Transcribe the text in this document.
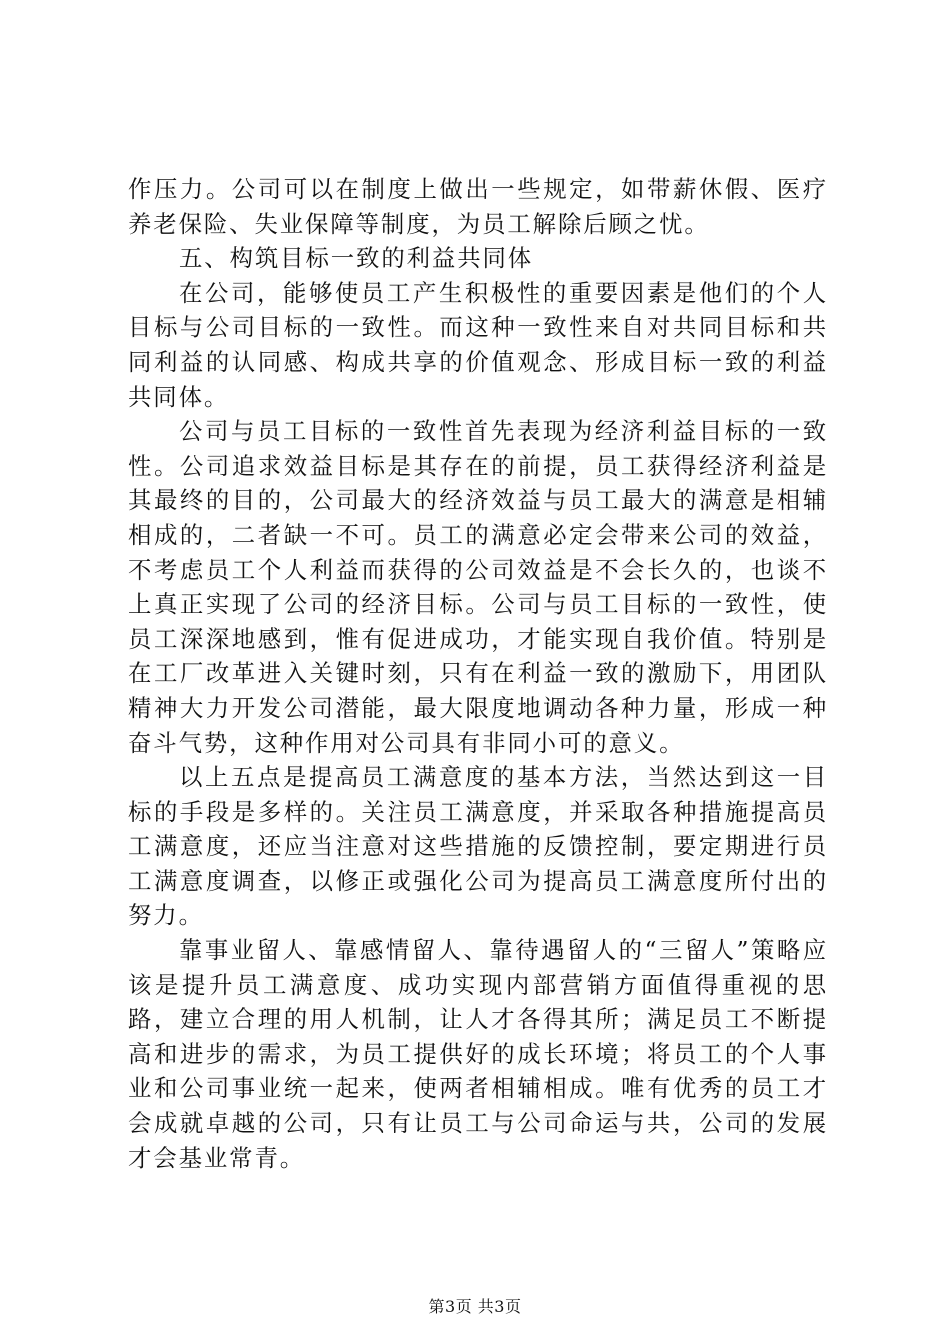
作压力。公司可以在制度上做出一些规定，如带薪休假、医疗养老保险、失业保障等制度，为员工解除后顾之忧。

五、构筑目标一致的利益共同体

在公司，能够使员工产生积极性的重要因素是他们的个人目标与公司目标的一致性。而这种一致性来自对共同目标和共同利益的认同感、构成共享的价值观念、形成目标一致的利益共同体。

公司与员工目标的一致性首先表现为经济利益目标的一致性。公司追求效益目标是其存在的前提，员工获得经济利益是其最终的目的，公司最大的经济效益与员工最大的满意是相辅相成的，二者缺一不可。员工的满意必定会带来公司的效益，不考虑员工个人利益而获得的公司效益是不会长久的，也谈不上真正实现了公司的经济目标。公司与员工目标的一致性，使员工深深地感到，惟有促进成功，才能实现自我价值。特别是在工厂改革进入关键时刻，只有在利益一致的激励下，用团队精神大力开发公司潜能，最大限度地调动各种力量，形成一种奋斗气势，这种作用对公司具有非同小可的意义。

以上五点是提高员工满意度的基本方法，当然达到这一目标的手段是多样的。关注员工满意度，并采取各种措施提高员工满意度，还应当注意对这些措施的反馈控制，要定期进行员工满意度调查，以修正或强化公司为提高员工满意度所付出的努力。

靠事业留人、靠感情留人、靠待遇留人的“三留人”策略应该是提升员工满意度、成功实现内部营销方面值得重视的思路，建立合理的用人机制，让人才各得其所；满足员工不断提高和进步的需求，为员工提供好的成长环境；将员工的个人事业和公司事业统一起来，使两者相辅相成。唯有优秀的员工才会成就卓越的公司，只有让员工与公司命运与共，公司的发展才会基业常青。

第3页 共3页
